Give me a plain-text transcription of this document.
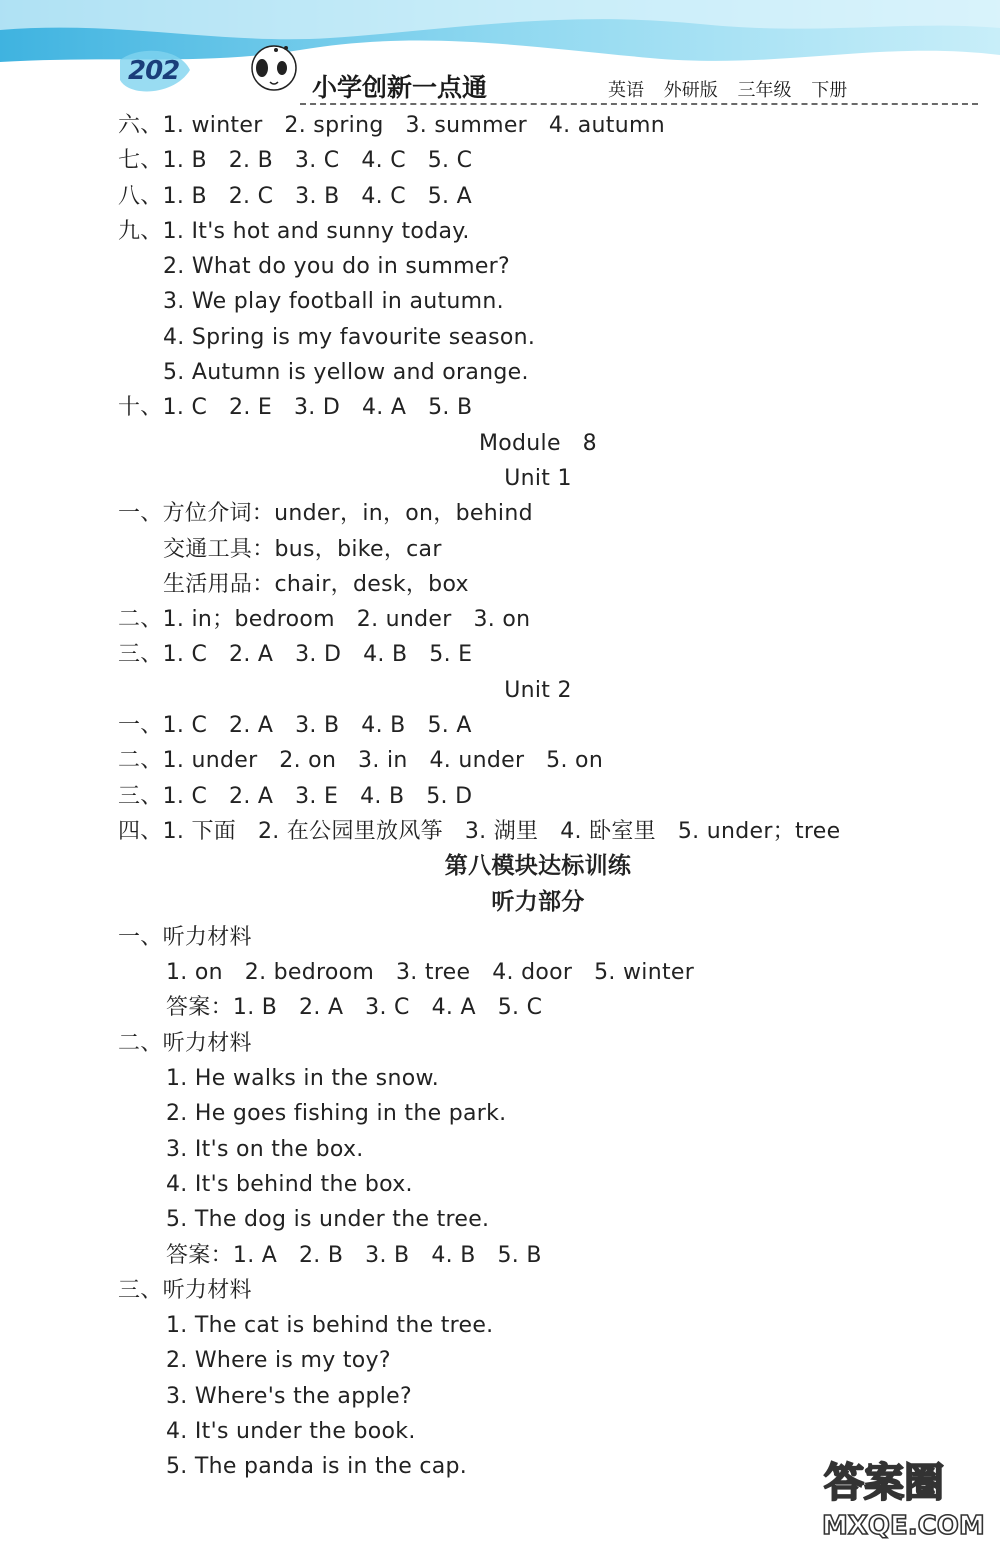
202
小学创新一点通	英语 外研版 三年级 下册
六、1. winter   2. spring   3. summer   4. autumn
七、1. B   2. B   3. C   4. C   5. C
八、1. B   2. C   3. B   4. C   5. A
九、1. It's hot and sunny today.
2. What do you do in summer?
3. We play football in autumn.
4. Spring is my favourite season.
5. Autumn is yellow and orange.
十、1. C   2. E   3. D   4. A   5. B
Module   8
Unit 1
一、方位介词：under，in，on，behind
交通工具：bus，bike，car
生活用品：chair，desk，box
二、1. in；bedroom   2. under   3. on
三、1. C   2. A   3. D   4. B   5. E
Unit 2
一、1. C   2. A   3. B   4. B   5. A
二、1. under   2. on   3. in   4. under   5. on
三、1. C   2. A   3. E   4. B   5. D
四、1. 下面   2. 在公园里放风筝   3. 湖里   4. 卧室里   5. under；tree
第八模块达标训练
听力部分
一、听力材料
1. on   2. bedroom   3. tree   4. door   5. winter
答案：1. B   2. A   3. C   4. A   5. C
二、听力材料
1. He walks in the snow.
2. He goes fishing in the park.
3. It's on the box.
4. It's behind the box.
5. The dog is under the tree.
答案：1. A   2. B   3. B   4. B   5. B
三、听力材料
1. The cat is behind the tree.
2. Where is my toy?
3. Where's the apple?
4. It's under the book.
5. The panda is in the cap.	答案圈
MXQE.COM
